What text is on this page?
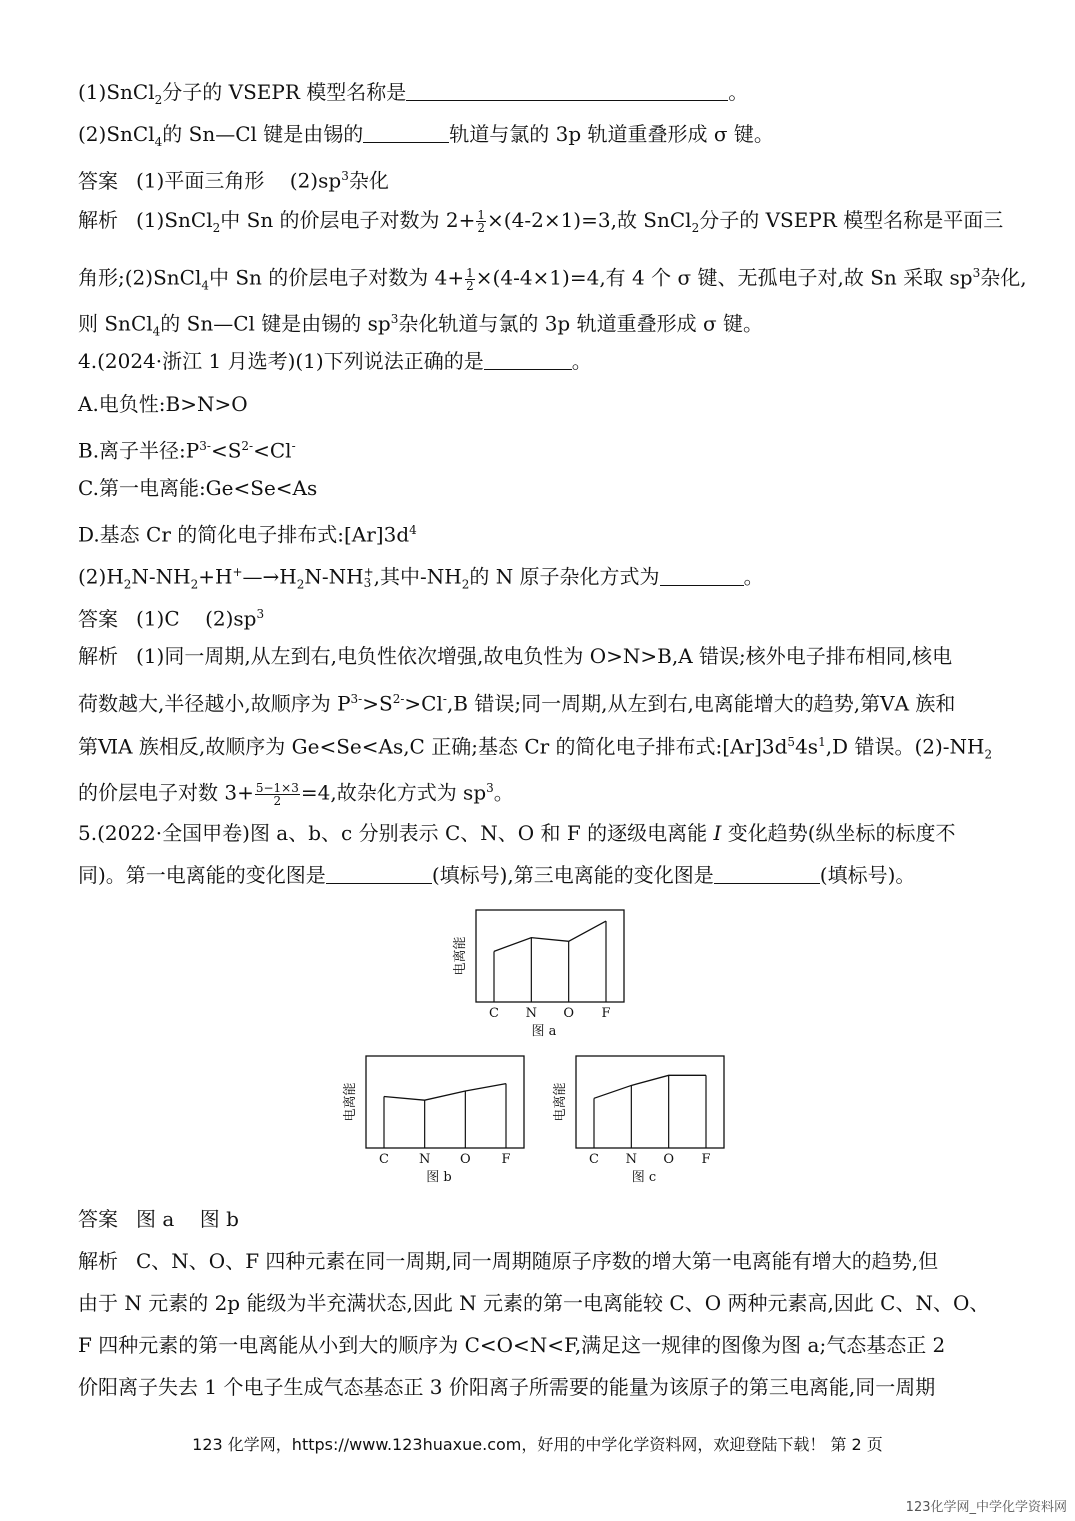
(1)SnCl$_2$分子的 VSEPR 模型名称是	。
(2)SnCl$_4$的 Sn—Cl 键是由锡的	轨道与氯的 3p 轨道重叠形成 σ 键。
答案 (1)平面三角形 $(2)sp^3$杂化
解析 (1)SnCl$_2$中 Sn 的价层电子对数为 $2+ \frac{1}{2} \times(4-2\times 1)=3$,故 SnCl$_2$分子的 VSEPR 模型名称是平面三
角形;(2)SnCl$_4$中 Sn 的价层电子对数为 $4+ \frac{1}{2} \times(4-4\times 1)=4$,有 4 个 σ 键、无孤电子对,故 Sn 采取 $sp^3$杂化,
则 SnCl$_4$的 Sn—Cl 键是由锡的 $sp^3$杂化轨道与氯的 3p 轨道重叠形成 σ 键。
4.(2024·浙江 1 月选考)(1)下列说法正确的是	。
A.电负性:B>N>O
B.离子半径$:P^{3-}<S^{2-}<Cl^-$
C.第一电离能:Ge<Se<As
D.基态 Cr 的简化电子排布式$:[Ar]3d^4$
$(2)H_2N-NH_2+H^+—\to H_2N-NH$ +
3 ,其中$-NH_2$的 N 原子杂化方式为	。
答案 (1)C $(2)sp^3$
解析 (1)同一周期,从左到右,电负性依次增强,故电负性为 O>N>B,A 错误;核外电子排布相同,核电
荷数越大,半径越小,故顺序为 $P^{3-}>S^{2-}>Cl^-,B$ 错误;同一周期,从左到右,电离能增大的趋势,第ⅤA 族和
第ⅥA 族相反,故顺序为 Ge<Se<As,C 正确;基态 Cr 的简化电子排布式$:[Ar]3d^54s^1,D$ 错误。$(2)-NH_2$
的价层电子对数 $3+ \frac{5-1\times 3}{2} =4$,故杂化方式为 $sp^3$。
5.(2022·全国甲卷)图 a、b、c 分别表示 C、N、O 和 F 的逐级电离能 I 变化趋势(纵坐标的标度不
同)。第一电离能的变化图是	(填标号),第三电离能的变化图是	(填标号)。
C N O F
电离能
图 a
C N O F
电离能
图 b
C N O F
电离能
图 c
答案 图 a 图 b
解析 C、N、O、F 四种元素在同一周期,同一周期随原子序数的增大第一电离能有增大的趋势,但
由于 N 元素的 2p 能级为半充满状态,因此 N 元素的第一电离能较 C、O 两种元素高,因此 C、N、O、
F 四种元素的第一电离能从小到大的顺序为 C<O<N<F,满足这一规律的图像为图 a;气态基态正 2
价阳离子失去 1 个电子生成气态基态正 3 价阳离子所需要的能量为该原子的第三电离能,同一周期
123 化学网，https://www.123huaxue.com，好用的中学化学资料网，欢迎登陆下载！ 第 2 页
123化学网_中学化学资料网
